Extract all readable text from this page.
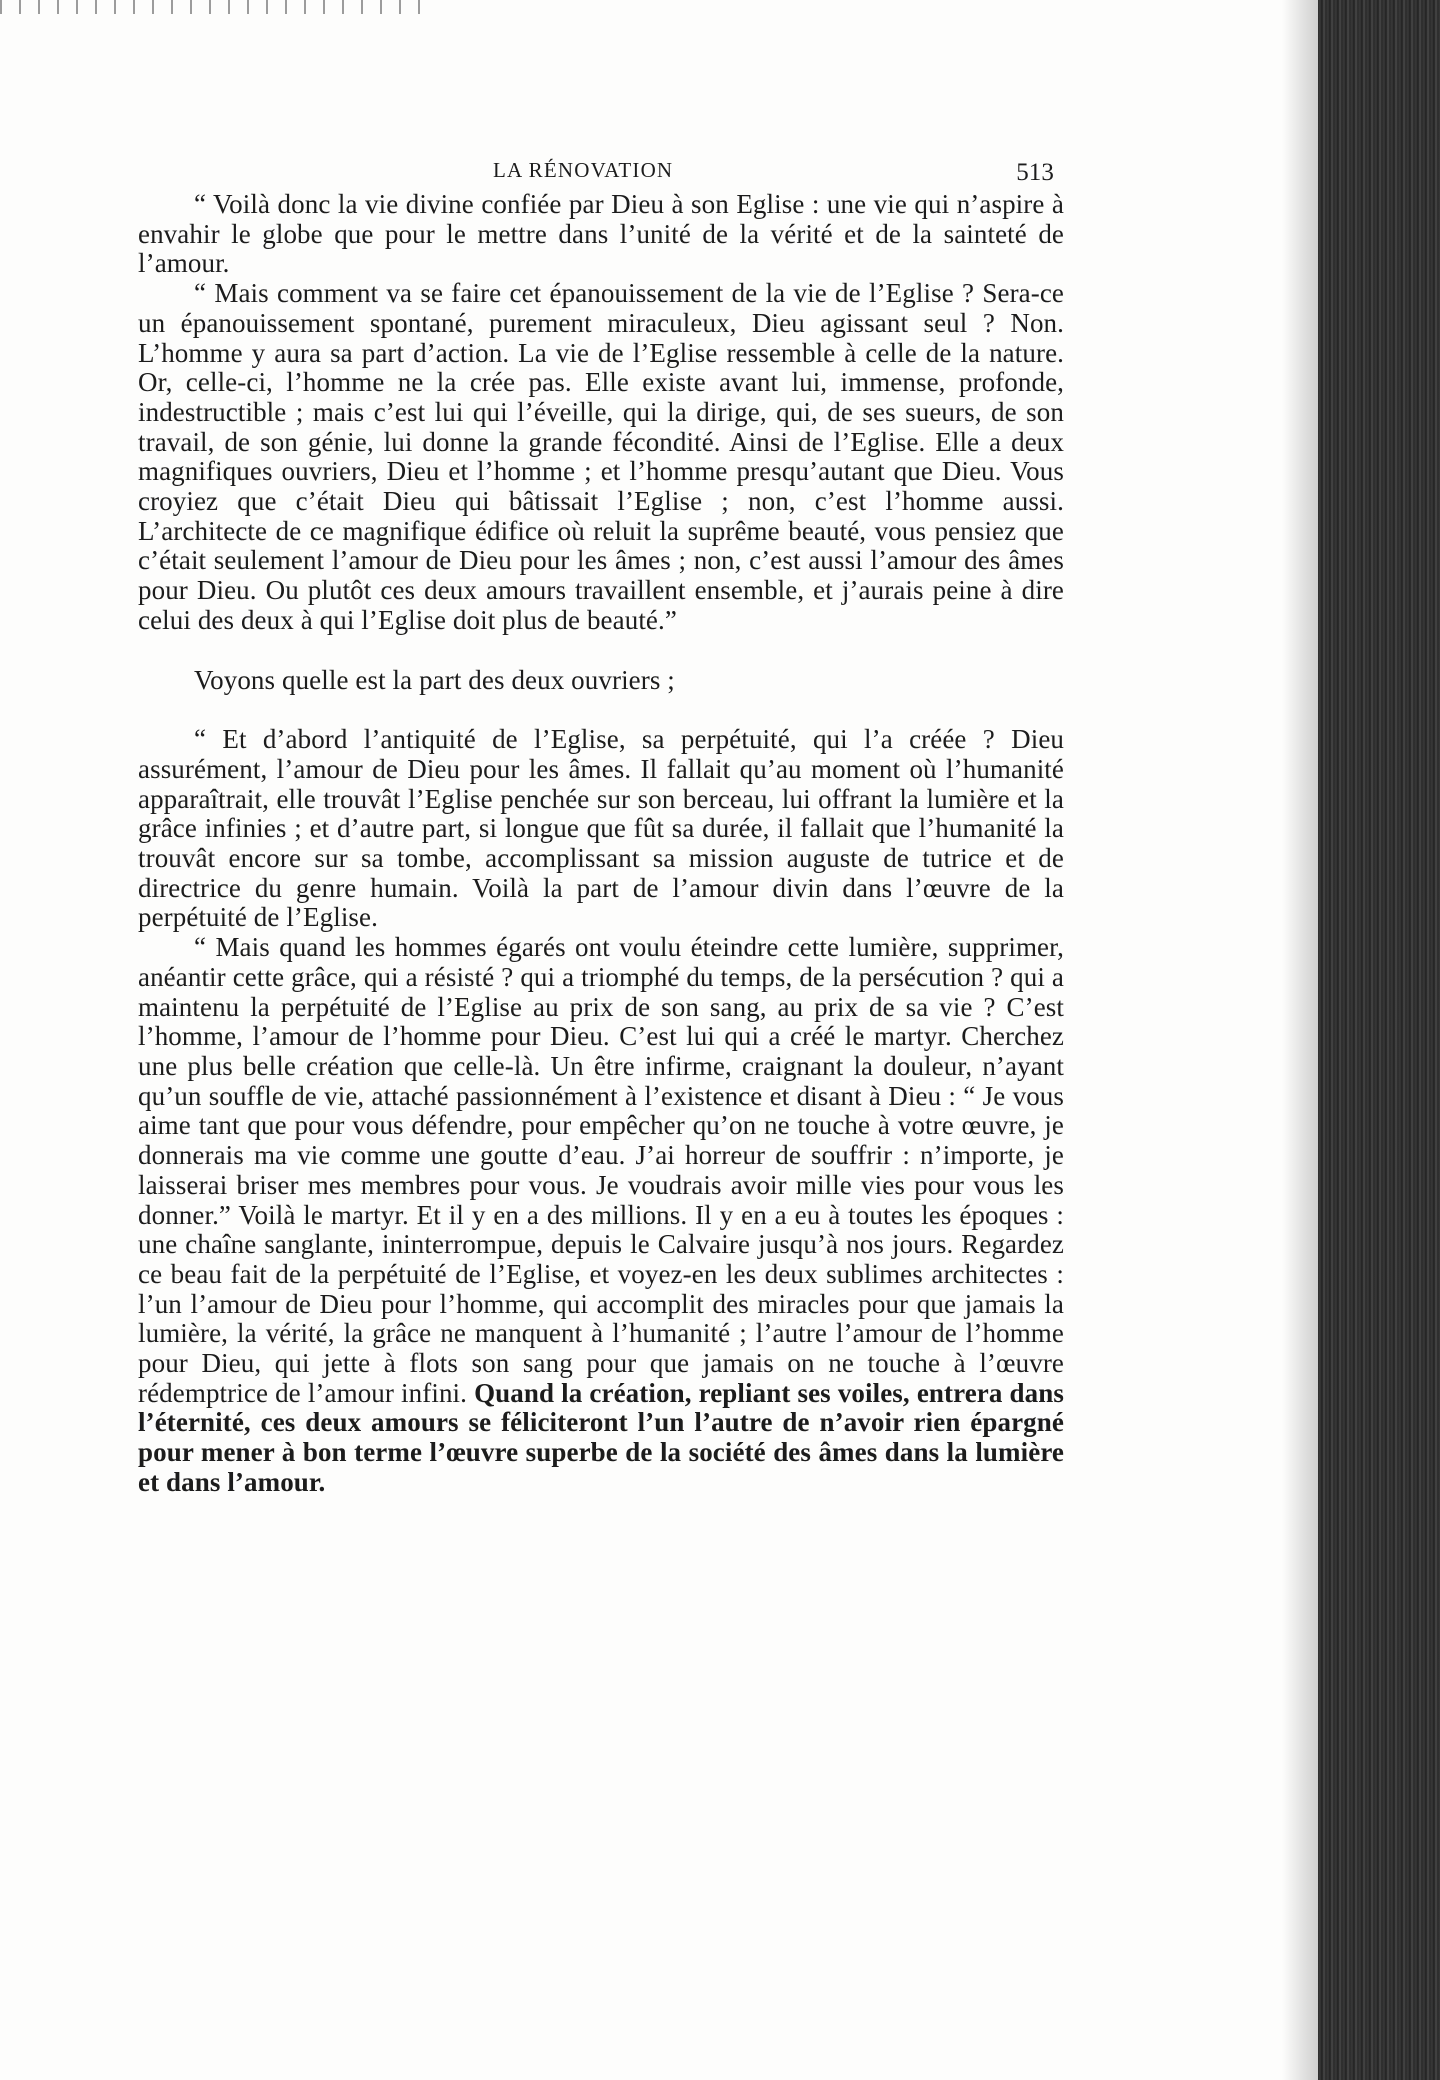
LA RÉNOVATION	513

“ Voilà donc la vie divine confiée par Dieu à son Eglise : une vie qui n’aspire à envahir le globe que pour le mettre dans l’unité de la vérité et de la sainteté de l’amour.

“ Mais comment va se faire cet épanouissement de la vie de l’Eglise ? Sera-ce un épanouissement spontané, purement miraculeux, Dieu agissant seul ? Non. L’homme y aura sa part d’action. La vie de l’Eglise ressemble à celle de la nature. Or, celle-ci, l’homme ne la crée pas. Elle existe avant lui, immense, profonde, indestructible ; mais c’est lui qui l’éveille, qui la dirige, qui, de ses sueurs, de son travail, de son génie, lui donne la grande fécondité. Ainsi de l’Eglise. Elle a deux magnifiques ouvriers, Dieu et l’homme ; et l’homme presqu’autant que Dieu. Vous croyiez que c’était Dieu qui bâtissait l’Eglise ; non, c’est l’homme aussi. L’architecte de ce magnifique édifice où reluit la suprême beauté, vous pensiez que c’était seulement l’amour de Dieu pour les âmes ; non, c’est aussi l’amour des âmes pour Dieu. Ou plutôt ces deux amours travaillent ensemble, et j’aurais peine à dire celui des deux à qui l’Eglise doit plus de beauté.”

Voyons quelle est la part des deux ouvriers ;

“ Et d’abord l’antiquité de l’Eglise, sa perpétuité, qui l’a créée ? Dieu assurément, l’amour de Dieu pour les âmes. Il fallait qu’au moment où l’humanité apparaîtrait, elle trouvât l’Eglise penchée sur son berceau, lui offrant la lumière et la grâce infinies ; et d’autre part, si longue que fût sa durée, il fallait que l’humanité la trouvât encore sur sa tombe, accomplissant sa mission auguste de tutrice et de directrice du genre humain. Voilà la part de l’amour divin dans l’œuvre de la perpétuité de l’Eglise.

“ Mais quand les hommes égarés ont voulu éteindre cette lumière, supprimer, anéantir cette grâce, qui a résisté ? qui a triomphé du temps, de la persécution ? qui a maintenu la perpétuité de l’Eglise au prix de son sang, au prix de sa vie ? C’est l’homme, l’amour de l’homme pour Dieu. C’est lui qui a créé le martyr. Cherchez une plus belle création que celle-là. Un être infirme, craignant la douleur, n’ayant qu’un souffle de vie, attaché passionnément à l’existence et disant à Dieu : “ Je vous aime tant que pour vous défendre, pour empêcher qu’on ne touche à votre œuvre, je donnerais ma vie comme une goutte d’eau. J’ai horreur de souffrir : n’importe, je laisserai briser mes membres pour vous. Je voudrais avoir mille vies pour vous les donner.” Voilà le martyr. Et il y en a des millions. Il y en a eu à toutes les époques : une chaîne sanglante, ininterrompue, depuis le Calvaire jusqu’à nos jours. Regardez ce beau fait de la perpétuité de l’Eglise, et voyez-en les deux sublimes architectes : l’un l’amour de Dieu pour l’homme, qui accomplit des miracles pour que jamais la lumière, la vérité, la grâce ne manquent à l’humanité ; l’autre l’amour de l’homme pour Dieu, qui jette à flots son sang pour que jamais on ne touche à l’œuvre rédemptrice de l’amour infini. Quand la création, repliant ses voiles, entrera dans l’éternité, ces deux amours se féliciteront l’un l’autre de n’avoir rien épargné pour mener à bon terme l’œuvre superbe de la société des âmes dans la lumière et dans l’amour.
